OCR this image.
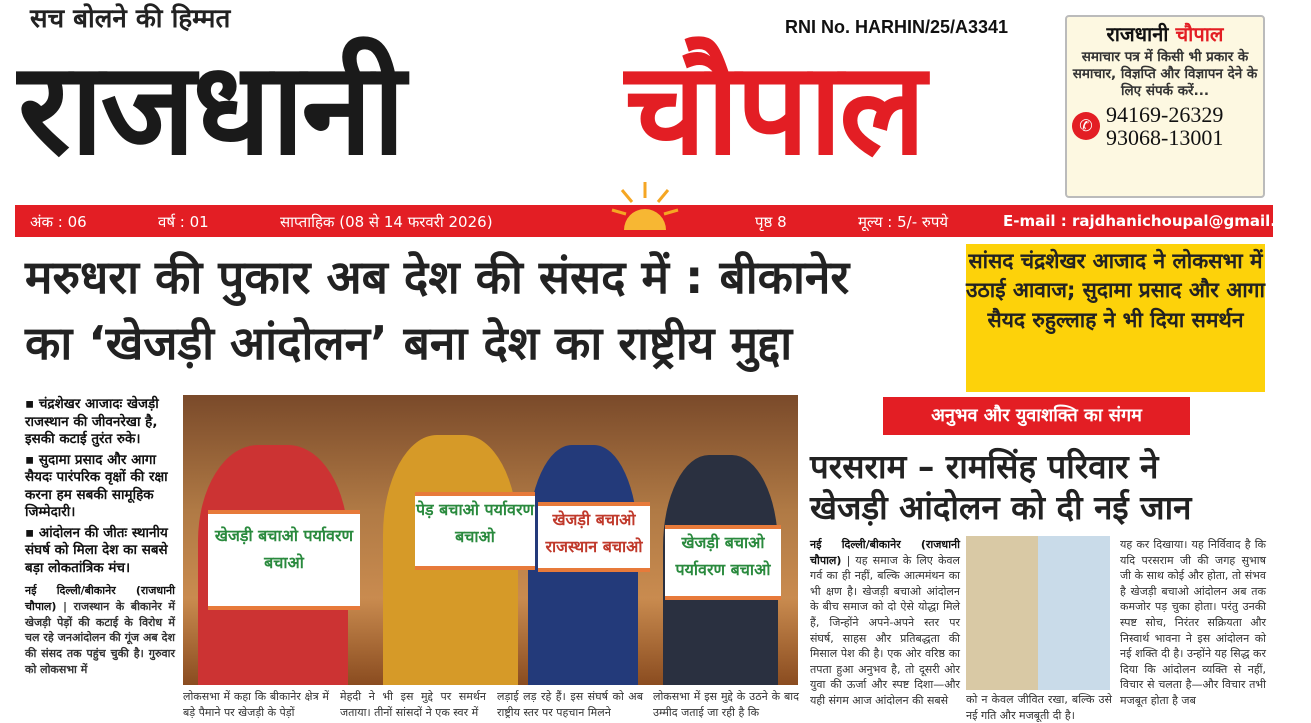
सच बोलने की हिम्मत
राजधानी	चौपाल
RNI No. HARHIN/25/A3341	राजधानी चौपाल
समाचार पत्र में किसी भी प्रकार के समाचार, विज्ञप्ति और विज्ञापन देने के लिए संपर्क करें...
✆ 94169-26329
93068-13001
अंक : 06	वर्ष : 01	साप्ताहिक (08 से 14 फरवरी 2026)	पृष्ठ 8	मूल्य : 5/- रुपये	E-mail : rajdhanichoupal@gmail.com
मरुधरा की पुकार अब देश की संसद में : बीकानेर
का ‘खेजड़ी आंदोलन’ बना देश का राष्ट्रीय मुद्दा
सांसद चंद्रशेखर आजाद ने लोकसभा में उठाई आवाज; सुदामा प्रसाद और आगा सैयद रुहुल्लाह ने भी दिया समर्थन

▪ चंद्रशेखर आजादः खेजड़ी राजस्थान की जीवनरेखा है, इसकी कटाई तुरंत रुके।

▪ सुदामा प्रसाद और आगा सैयदः पारंपरिक वृक्षों की रक्षा करना हम सबकी सामूहिक जिम्मेदारी।

▪ आंदोलन की जीतः स्थानीय संघर्ष को मिला देश का सबसे बड़ा लोकतांत्रिक मंच।

नई दिल्ली/बीकानेर (राजधानी चौपाल) | राजस्थान के बीकानेर में खेजड़ी पेड़ों की कटाई के विरोध में चल रहे जनआंदोलन की गूंज अब देश की संसद तक पहुंच चुकी है। गुरुवार को लोकसभा में
खेजड़ी बचाओ पर्यावरण बचाओ
पेड़ बचाओ पर्यावरण बचाओ
खेजड़ी बचाओ राजस्थान बचाओ	खेजड़ी बचाओ पर्यावरण बचाओ
लोकसभा में कहा कि बीकानेर क्षेत्र में बड़े पैमाने पर खेजड़ी के पेड़ों
मेहदी ने भी इस मुद्दे पर समर्थन जताया। तीनों सांसदों ने एक स्वर में
लड़ाई लड़ रहे हैं। इस संघर्ष को अब राष्ट्रीय स्तर पर पहचान मिलने
लोकसभा में इस मुद्दे के उठने के बाद उम्मीद जताई जा रही है कि
अनुभव और युवाशक्ति का संगम
परसराम – रामसिंह परिवार ने
खेजड़ी आंदोलन को दी नई जान
नई दिल्ली/बीकानेर (राजधानी चौपाल) | यह समाज के लिए केवल गर्व का ही नहीं, बल्कि आत्ममंथन का भी क्षण है। खेजड़ी बचाओ आंदोलन के बीच समाज को दो ऐसे योद्धा मिले हैं, जिन्होंने अपने-अपने स्तर पर संघर्ष, साहस और प्रतिबद्धता की मिसाल पेश की है। एक ओर वरिष्ठ का तपता हुआ अनुभव है, तो दूसरी ओर युवा की ऊर्जा और स्पष्ट दिशा—और यही संगम आज आंदोलन की सबसे	को न केवल जीवित रखा, बल्कि उसे नई गति और मजबूती दी है।
यह कर दिखाया। यह निर्विवाद है कि यदि परसराम जी की जगह सुभाष जी के साथ कोई और होता, तो संभव है खेजड़ी बचाओ आंदोलन अब तक कमजोर पड़ चुका होता। परंतु उनकी स्पष्ट सोच, निरंतर सक्रियता और निस्वार्थ भावना ने इस आंदोलन को नई शक्ति दी है। उन्होंने यह सिद्ध कर दिया कि आंदोलन व्यक्ति से नहीं, विचार से चलता है—और विचार तभी मजबूत होता है जब
